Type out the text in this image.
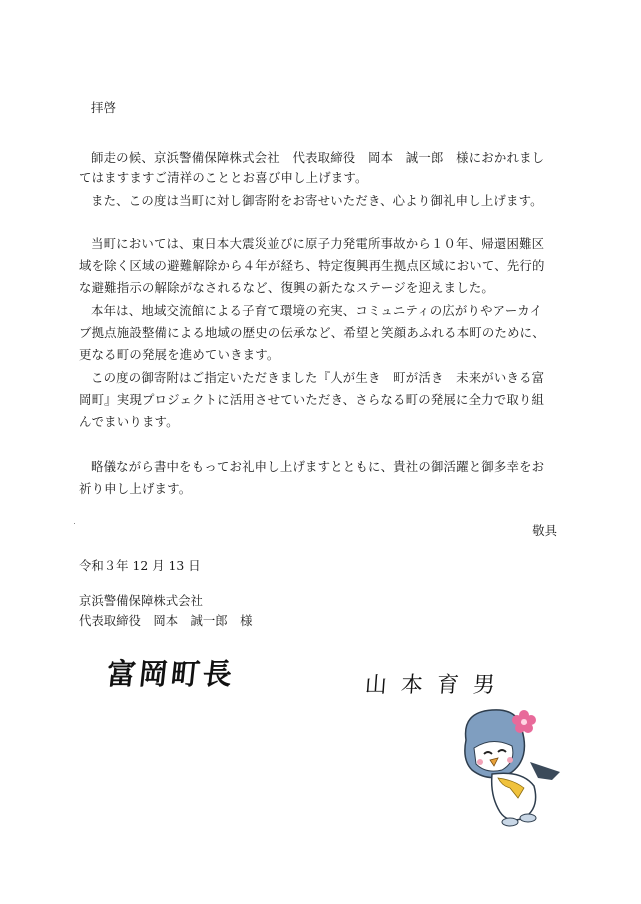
拝啓
師走の候、京浜警備保障株式会社　代表取締役　岡本　誠一郎　様におかれまし
てはますますご清祥のこととお喜び申し上げます。
また、この度は当町に対し御寄附をお寄せいただき、心より御礼申し上げます。
当町においては、東日本大震災並びに原子力発電所事故から１０年、帰還困難区
域を除く区域の避難解除から４年が経ち、特定復興再生拠点区域において、先行的
な避難指示の解除がなされるなど、復興の新たなステージを迎えました。
本年は、地域交流館による子育て環境の充実、コミュニティの広がりやアーカイ
ブ拠点施設整備による地域の歴史の伝承など、希望と笑顔あふれる本町のために、
更なる町の発展を進めていきます。
この度の御寄附はご指定いただきました『人が生き　町が活き　未来がいきる富
岡町』実現プロジェクトに活用させていただき、さらなる町の発展に全力で取り組
んでまいります。
略儀ながら書中をもってお礼申し上げますとともに、貴社の御活躍と御多幸をお
祈り申し上げます。
敬具
令和３年 12 月 13 日
京浜警備保障株式会社
代表取締役　岡本　誠一郎　様
富岡町長	山本育男
